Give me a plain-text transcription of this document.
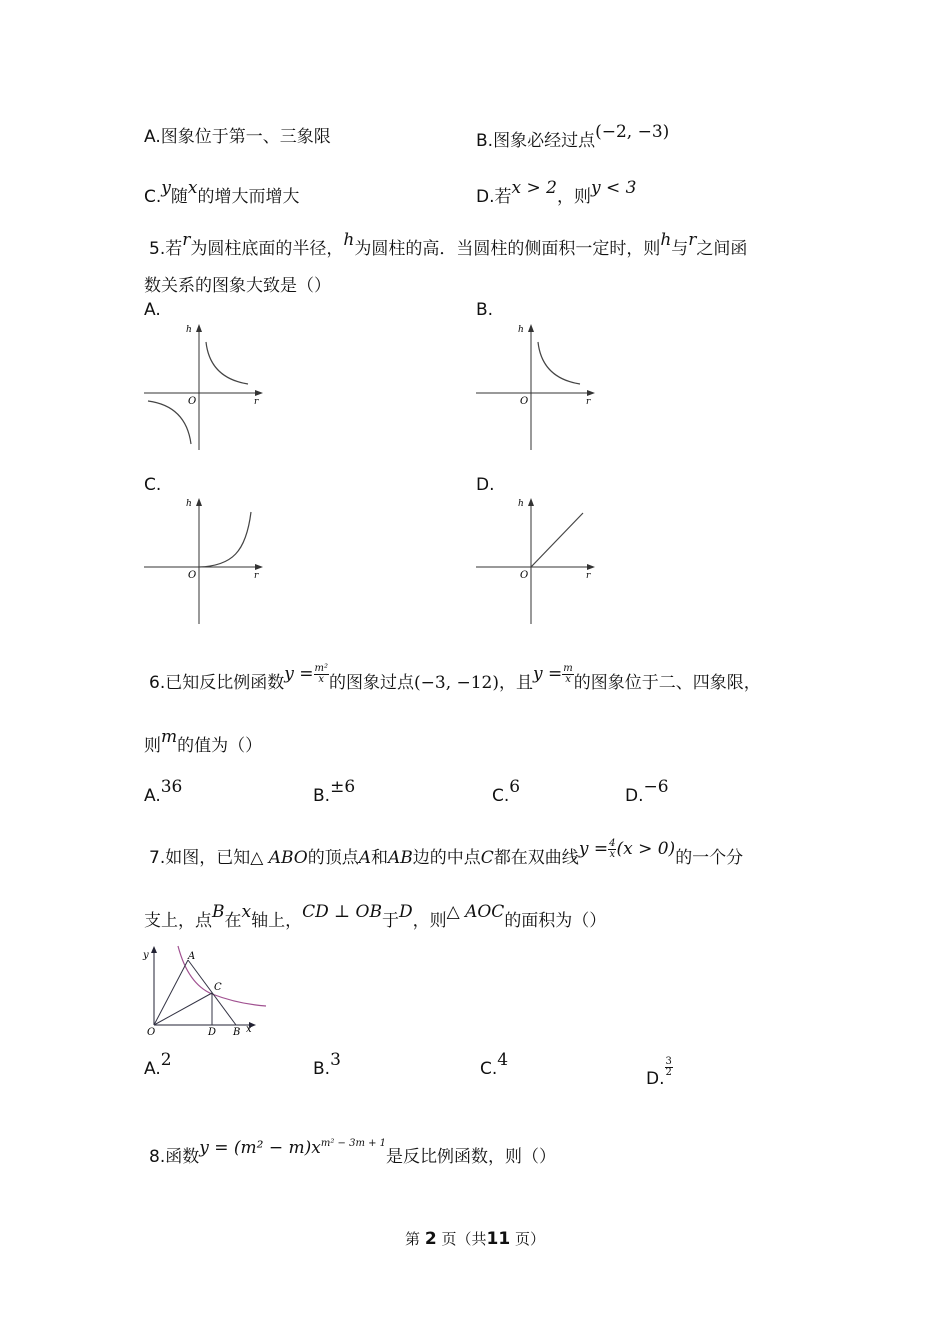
A.图象位于第一、三象限	B.图象必经过点(−2, −3)
C.y随x的增大而增大	D.若x > 2，则y < 3
5.若r为圆柱底面的半径，h为圆柱的高．当圆柱的侧面积一定时，则h与r之间函
数关系的图象大致是（）
A.	B.
C.	D.
h
r
O
h
r
O
h
r
O
h
r
O
6.已知反比例函数$y = \frac{\text{m²}}{x}$ 的图象过点(−3, −12)，且$y = \frac{m}{x}$ 的图象位于二、四象限，
则m的值为（）
A.36	B.±6	C.6	D.−6
7.如图，已知△ ABO的顶点A和AB边的中点C都在双曲线$y = \frac{4}{x} (x > 0)$的一个分
支上，点B在x轴上，CD ⊥ OB于D，则△ AOC的面积为（）
y	A
C
O	D B x
A.2	B.3	C.4
D.
$\frac{3}{2}$
8.函数$y = (m^2 - m)x^{m^2 - 3m + 1}$是反比例函数，则（）
第 2 页（共11 页）
